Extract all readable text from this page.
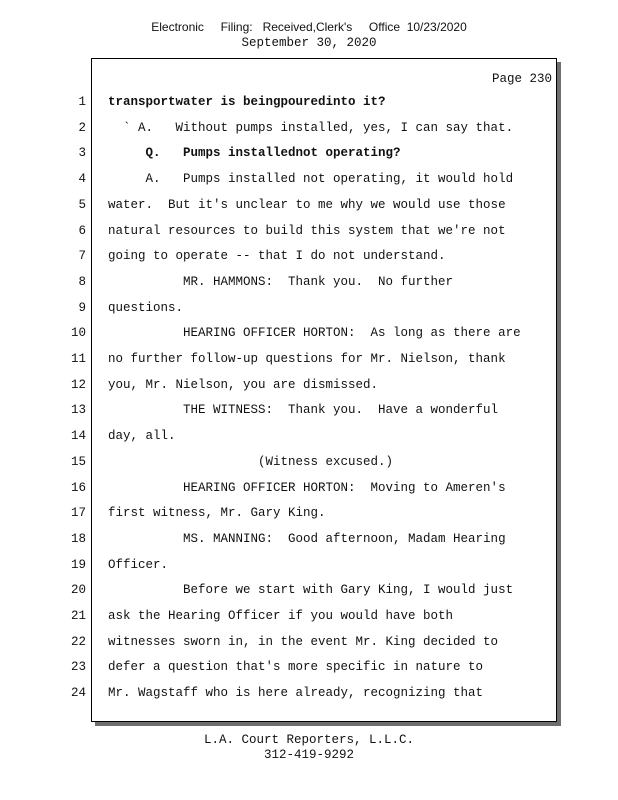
Electronic     Filing:   Received,Clerk's     Office  10/23/2020
September 30, 2020
Page 230
1 transportwater is beingpouredinto it?
2 ` A.   Without pumps installed, yes, I can say that.
3 Q.   Pumps installednot operating?
4 A.   Pumps installed not operating, it would hold
5 water.  But it's unclear to me why we would use those
6 natural resources to build this system that we're not
7 going to operate -- that I do not understand.
8 MR. HAMMONS:  Thank you.  No further
9 questions.
10 HEARING OFFICER HORTON:  As long as there are
11 no further follow-up questions for Mr. Nielson, thank
12 you, Mr. Nielson, you are dismissed.
13 THE WITNESS:  Thank you.  Have a wonderful
14 day, all.
15 (Witness excused.)
16 HEARING OFFICER HORTON:  Moving to Ameren's
17 first witness, Mr. Gary King.
18 MS. MANNING:  Good afternoon, Madam Hearing
19 Officer.
20 Before we start with Gary King, I would just
21 ask the Hearing Officer if you would have both
22 witnesses sworn in, in the event Mr. King decided to
23 defer a question that's more specific in nature to
24 Mr. Wagstaff who is here already, recognizing that
L.A. Court Reporters, L.L.C.
312-419-9292
